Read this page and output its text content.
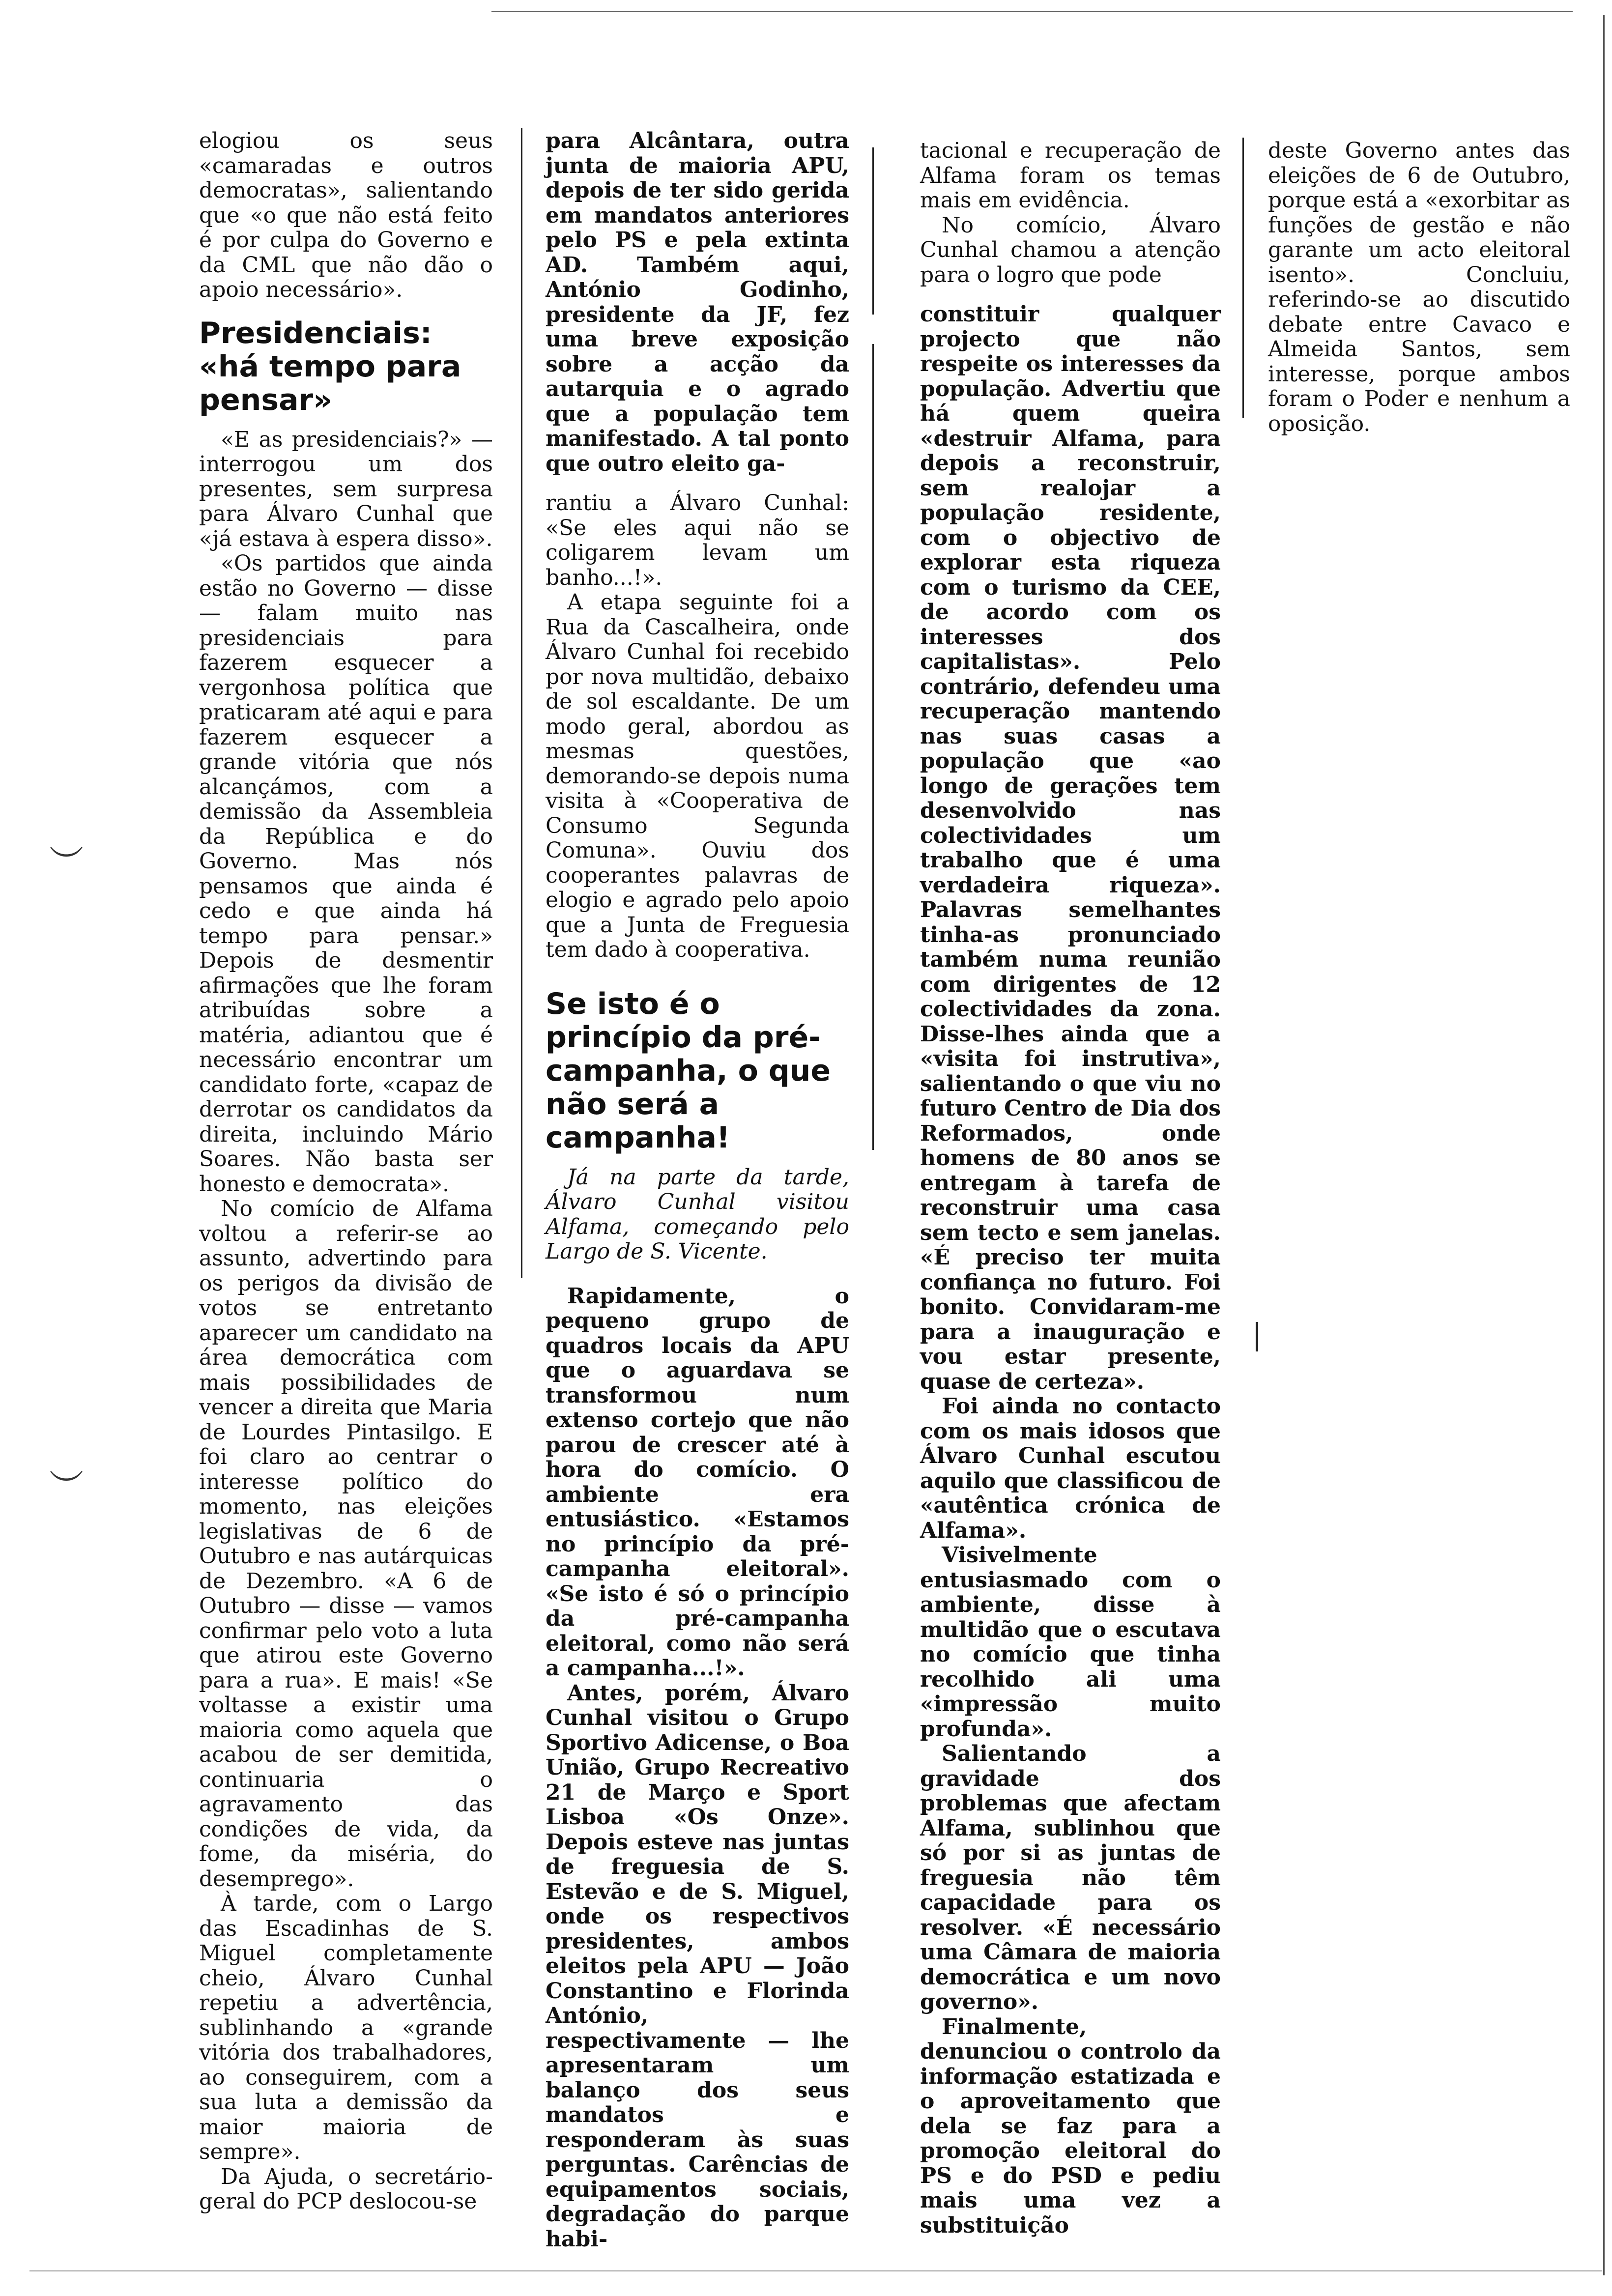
elogiou os seus «camaradas e outros democratas», salientando que «o que não está feito é por culpa do Governo e da CML que não dão o apoio necessário».

Presidenciais: «há tempo para pensar»

«E as presidenciais?» — interrogou um dos presentes, sem surpresa para Álvaro Cunhal que «já estava à espera disso».

«Os partidos que ainda estão no Governo — disse — falam muito nas presidenciais para fazerem esquecer a vergonhosa política que praticaram até aqui e para fazerem esquecer a grande vitória que nós alcançámos, com a demissão da Assembleia da República e do Governo. Mas nós pensamos que ainda é cedo e que ainda há tempo para pensar.» Depois de desmentir afirmações que lhe foram atribuídas sobre a matéria, adiantou que é necessário encontrar um candidato forte, «capaz de derrotar os candidatos da direita, incluindo Mário Soares. Não basta ser honesto e democrata».

No comício de Alfama voltou a referir-se ao assunto, advertindo para os perigos da divisão de votos se entretanto aparecer um candidato na área democrática com mais possibilidades de vencer a direita que Maria de Lourdes Pintasilgo. E foi claro ao centrar o interesse político do momento, nas eleições legislativas de 6 de Outubro e nas autárquicas de Dezembro. «A 6 de Outubro — disse — vamos confirmar pelo voto a luta que atirou este Governo para a rua». E mais! «Se voltasse a existir uma maioria como aquela que acabou de ser demitida, continuaria o agravamento das condições de vida, da fome, da miséria, do desemprego».

À tarde, com o Largo das Escadinhas de S. Miguel completamente cheio, Álvaro Cunhal repetiu a advertência, sublinhando a «grande vitória dos trabalhadores, ao conseguirem, com a sua luta a demissão da maior maioria de sempre».

Da Ajuda, o secretário-geral do PCP deslocou-se

para Alcântara, outra junta de maioria APU, depois de ter sido gerida em mandatos anteriores pelo PS e pela extinta AD. Também aqui, António Godinho, presidente da JF, fez uma breve exposição sobre a acção da autarquia e o agrado que a população tem manifestado. A tal ponto que outro eleito ga-

rantiu a Álvaro Cunhal: «Se eles aqui não se coligarem levam um banho...!».

A etapa seguinte foi a Rua da Cascalheira, onde Álvaro Cunhal foi recebido por nova multidão, debaixo de sol escaldante. De um modo geral, abordou as mesmas questões, demorando-se depois numa visita à «Cooperativa de Consumo Segunda Comuna». Ouviu dos cooperantes palavras de elogio e agrado pelo apoio que a Junta de Freguesia tem dado à cooperativa.

Se isto é o princípio da pré-campanha, o que não será a campanha!

Já na parte da tarde, Álvaro Cunhal visitou Alfama, começando pelo Largo de S. Vicente.

Rapidamente, o pequeno grupo de quadros locais da APU que o aguardava se transformou num extenso cortejo que não parou de crescer até à hora do comício. O ambiente era entusiástico. «Estamos no princípio da pré-campanha eleitoral». «Se isto é só o princípio da pré-campanha eleitoral, como não será a campanha...!».

Antes, porém, Álvaro Cunhal visitou o Grupo Sportivo Adicense, o Boa União, Grupo Recreativo 21 de Março e Sport Lisboa «Os Onze». Depois esteve nas juntas de freguesia de S. Estevão e de S. Miguel, onde os respectivos presidentes, ambos eleitos pela APU — João Constantino e Florinda António, respectivamente — lhe apresentaram um balanço dos seus mandatos e responderam às suas perguntas. Carências de equipamentos sociais, degradação do parque habi-

tacional e recuperação de Alfama foram os temas mais em evidência.

No comício, Álvaro Cunhal chamou a atenção para o logro que pode

constituir qualquer projecto que não respeite os interesses da população. Advertiu que há quem queira «destruir Alfama, para depois a reconstruir, sem realojar a população residente, com o objectivo de explorar esta riqueza com o turismo da CEE, de acordo com os interesses dos capitalistas». Pelo contrário, defendeu uma recuperação mantendo nas suas casas a população que «ao longo de gerações tem desenvolvido nas colectividades um trabalho que é uma verdadeira riqueza». Palavras semelhantes tinha-as pronunciado também numa reunião com dirigentes de 12 colectividades da zona. Disse-lhes ainda que a «visita foi instrutiva», salientando o que viu no futuro Centro de Dia dos Reformados, onde homens de 80 anos se entregam à tarefa de reconstruir uma casa sem tecto e sem janelas. «É preciso ter muita confiança no futuro. Foi bonito. Convidaram-me para a inauguração e vou estar presente, quase de certeza».

Foi ainda no contacto com os mais idosos que Álvaro Cunhal escutou aquilo que classificou de «autêntica crónica de Alfama».

Visivelmente entusiasmado com o ambiente, disse à multidão que o escutava no comício que tinha recolhido ali uma «impressão muito profunda».

Salientando a gravidade dos problemas que afectam Alfama, sublinhou que só por si as juntas de freguesia não têm capacidade para os resolver. «É necessário uma Câmara de maioria democrática e um novo governo».

Finalmente, denunciou o controlo da informação estatizada e o aproveitamento que dela se faz para a promoção eleitoral do PS e do PSD e pediu mais uma vez a substituição

deste Governo antes das eleições de 6 de Outubro, porque está a «exorbitar as funções de gestão e não garante um acto eleitoral isento». Concluiu, referindo-se ao discutido debate entre Cavaco e Almeida Santos, sem interesse, porque ambos foram o Poder e nenhum a oposição.

︶
︶
